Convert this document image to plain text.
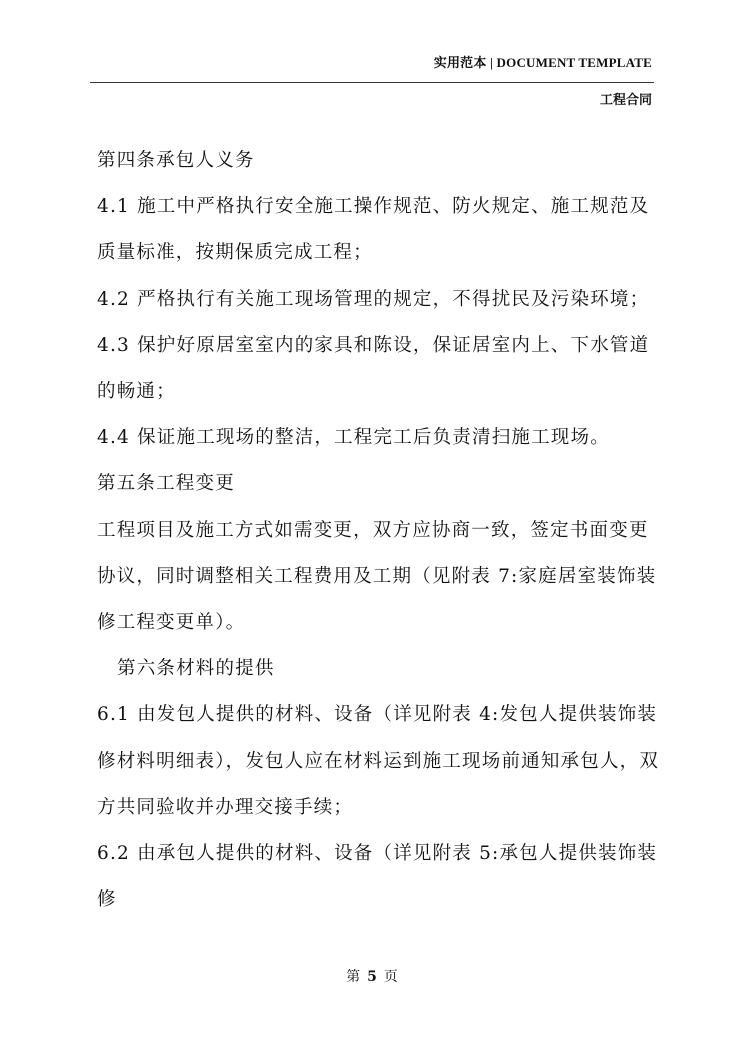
实用范本 | DOCUMENT TEMPLATE
工程合同

第四条承包人义务

4.1 施工中严格执行安全施工操作规范、防火规定、施工规范及质量标准，按期保质完成工程；

4.2 严格执行有关施工现场管理的规定，不得扰民及污染环境；

4.3 保护好原居室室内的家具和陈设，保证居室内上、下水管道的畅通；

4.4 保证施工现场的整洁，工程完工后负责清扫施工现场。

第五条工程变更

工程项目及施工方式如需变更，双方应协商一致，签定书面变更协议，同时调整相关工程费用及工期（见附表 7:家庭居室装饰装修工程变更单）。

第六条材料的提供

6.1 由发包人提供的材料、设备（详见附表 4:发包人提供装饰装修材料明细表），发包人应在材料运到施工现场前通知承包人，双方共同验收并办理交接手续；

6.2 由承包人提供的材料、设备（详见附表 5:承包人提供装饰装修

第 5 页
